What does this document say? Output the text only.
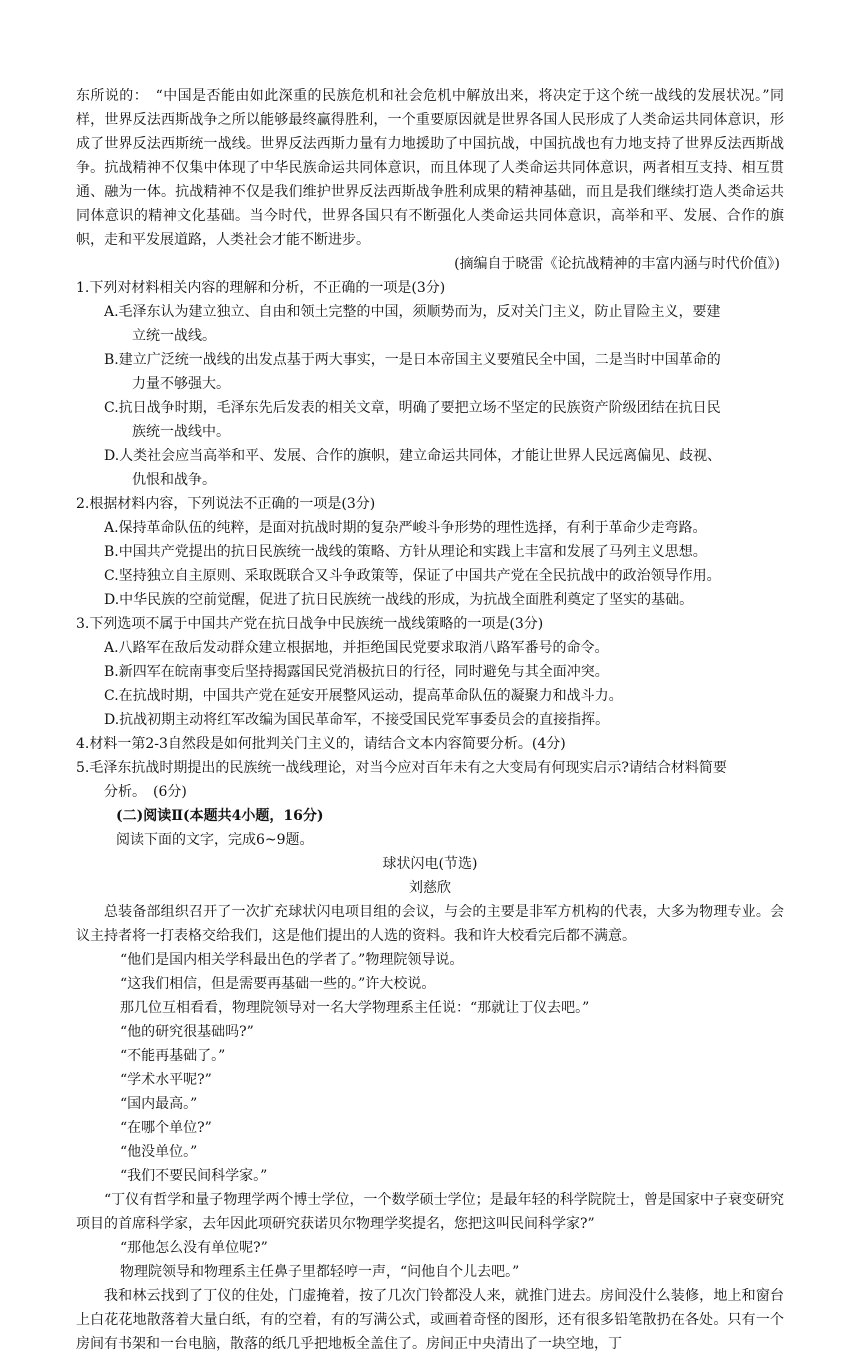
东所说的：　“中国是否能由如此深重的民族危机和社会危机中解放出来，将决定于这个统一战线的发展状况。”同样，世界反法西斯战争之所以能够最终赢得胜利，一个重要原因就是世界各国人民形成了人类命运共同体意识，形成了世界反法西斯统一战线。世界反法西斯力量有力地援助了中国抗战，中国抗战也有力地支持了世界反法西斯战争。抗战精神不仅集中体现了中华民族命运共同体意识，而且体现了人类命运共同体意识，两者相互支持、相互贯通、融为一体。抗战精神不仅是我们维护世界反法西斯战争胜利成果的精神基础，而且是我们继续打造人类命运共同体意识的精神文化基础。当今时代，世界各国只有不断强化人类命运共同体意识，高举和平、发展、合作的旗帜，走和平发展道路，人类社会才能不断进步。

(摘编自于晓雷《论抗战精神的丰富内涵与时代价值》)

1.下列对材料相关内容的理解和分析，不正确的一项是(3分)

A.毛泽东认为建立独立、自由和领土完整的中国，须顺势而为，反对关门主义，防止冒险主义，要建
立统一战线。

B.建立广泛统一战线的出发点基于两大事实，一是日本帝国主义要殖民全中国，二是当时中国革命的
力量不够强大。

C.抗日战争时期，毛泽东先后发表的相关文章，明确了要把立场不坚定的民族资产阶级团结在抗日民
族统一战线中。

D.人类社会应当高举和平、发展、合作的旗帜，建立命运共同体，才能让世界人民远离偏见、歧视、
仇恨和战争。

2.根据材料内容，下列说法不正确的一项是(3分)

A.保持革命队伍的纯粹，是面对抗战时期的复杂严峻斗争形势的理性选择，有利于革命少走弯路。

B.中国共产党提出的抗日民族统一战线的策略、方针从理论和实践上丰富和发展了马列主义思想。

C.坚持独立自主原则、采取既联合又斗争政策等，保证了中国共产党在全民抗战中的政治领导作用。

D.中华民族的空前觉醒，促进了抗日民族统一战线的形成，为抗战全面胜利奠定了坚实的基础。

3.下列选项不属于中国共产党在抗日战争中民族统一战线策略的一项是(3分)

A.八路军在敌后发动群众建立根据地，并拒绝国民党要求取消八路军番号的命令。

B.新四军在皖南事变后坚持揭露国民党消极抗日的行径，同时避免与其全面冲突。

C.在抗战时期，中国共产党在延安开展整风运动，提高革命队伍的凝聚力和战斗力。

D.抗战初期主动将红军改编为国民革命军，不接受国民党军事委员会的直接指挥。

4.材料一第2-3自然段是如何批判关门主义的，请结合文本内容简要分析。(4分)

5.毛泽东抗战时期提出的民族统一战线理论，对当今应对百年未有之大变局有何现实启示?请结合材料简要
分析。　(6分)

(二)阅读Ⅱ(本题共4小题，16分)

阅读下面的文字，完成6~9题。

球状闪电(节选)

刘慈欣

总装备部组织召开了一次扩充球状闪电项目组的会议，与会的主要是非军方机构的代表，大多为物理专业。会议主持者将一打表格交给我们，这是他们提出的人选的资料。我和许大校看完后都不满意。

“他们是国内相关学科最出色的学者了。”物理院领导说。

“这我们相信，但是需要再基础一些的。”许大校说。

那几位互相看看，物理院领导对一名大学物理系主任说：“那就让丁仪去吧。”

“他的研究很基础吗?”

“不能再基础了。”

“学术水平呢?”

“国内最高。”

“在哪个单位?”

“他没单位。”

“我们不要民间科学家。”

“丁仪有哲学和量子物理学两个博士学位，一个数学硕士学位；是最年轻的科学院院士，曾是国家中子衰变研究项目的首席科学家，去年因此项研究获诺贝尔物理学奖提名，您把这叫民间科学家?”

“那他怎么没有单位呢?”

物理院领导和物理系主任鼻子里都轻哼一声，“问他自个儿去吧。”

我和林云找到了丁仪的住处，门虚掩着，按了几次门铃都没人来，就推门进去。房间没什么装修，地上和窗台上白花花地散落着大量白纸，有的空着，有的写满公式，或画着奇怪的图形，还有很多铅笔散扔在各处。只有一个房间有书架和一台电脑，散落的纸几乎把地板全盖住了。房间正中央清出了一块空地，丁
